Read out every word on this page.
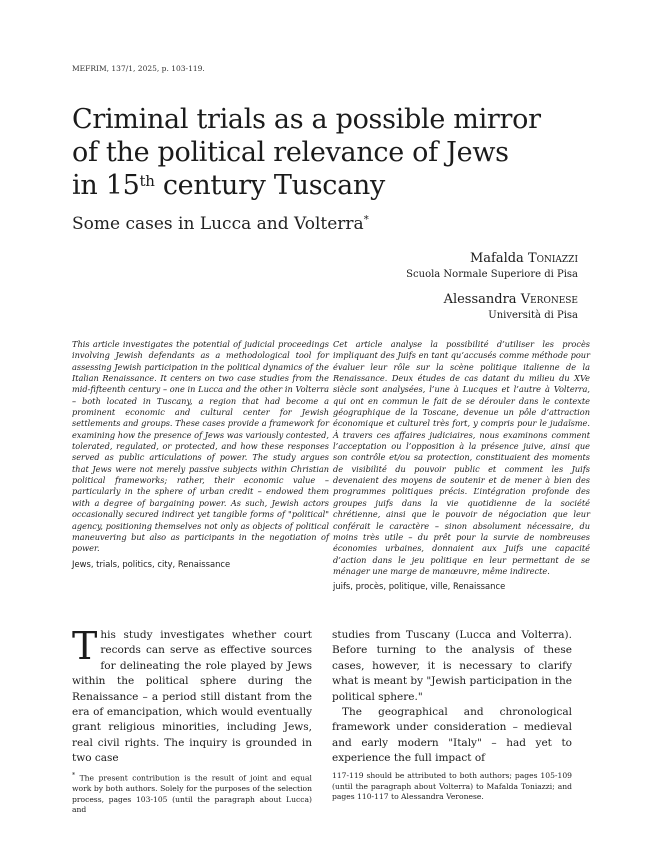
MEFRIM, 137/1, 2025, p. 103-119.
Criminal trials as a possible mirror
of the political relevance of Jews
in 15th century Tuscany
Some cases in Lucca and Volterra*
Mafalda Toniazzi
Scuola Normale Superiore di Pisa
Alessandra Veronese
Università di Pisa
This article investigates the potential of judicial proceedings involving Jewish defendants as a methodological tool for assessing Jewish participation in the political dynamics of the Italian Renaissance. It centers on two case studies from the mid-fifteenth century – one in Lucca and the other in Volterra – both located in Tuscany, a region that had become a prominent economic and cultural center for Jewish settlements and groups. These cases provide a framework for examining how the presence of Jews was variously contested, tolerated, regulated, or protected, and how these responses served as public articulations of power. The study argues that Jews were not merely passive subjects within Christian political frameworks; rather, their economic value – particularly in the sphere of urban credit – endowed them with a degree of bargaining power. As such, Jewish actors occasionally secured indirect yet tangible forms of "political" agency, positioning themselves not only as objects of political maneuvering but also as participants in the negotiation of power.
Jews, trials, politics, city, Renaissance
Cet article analyse la possibilité d’utiliser les procès impliquant des Juifs en tant qu’accusés comme méthode pour évaluer leur rôle sur la scène politique italienne de la Renaissance. Deux études de cas datant du milieu du XVe siècle sont analysées, l’une à Lucques et l’autre à Volterra, qui ont en commun le fait de se dérouler dans le contexte géographique de la Toscane, devenue un pôle d’attraction économique et culturel très fort, y compris pour le judaïsme. À travers ces affaires judiciaires, nous examinons comment l’acceptation ou l’opposition à la présence juive, ainsi que son contrôle et/ou sa protection, constituaient des moments de visibilité du pouvoir public et comment les Juifs devenaient des moyens de soutenir et de mener à bien des programmes politiques précis. L’intégration profonde des groupes juifs dans la vie quotidienne de la société chrétienne, ainsi que le pouvoir de négociation que leur conférait le caractère – sinon absolument nécessaire, du moins très utile – du prêt pour la survie de nombreuses économies urbaines, donnaient aux Juifs une capacité d’action dans le jeu politique en leur permettant de se ménager une marge de manœuvre, même indirecte.
juifs, procès, politique, ville, Renaissance
This study investigates whether court records can serve as effective sources for delineating the role played by Jews within the political sphere during the Renaissance – a period still distant from the era of emancipation, which would eventually grant religious minorities, including Jews, real civil rights. The inquiry is grounded in two case
studies from Tuscany (Lucca and Volterra). Before turning to the analysis of these cases, however, it is necessary to clarify what is meant by "Jewish participation in the political sphere."
The geographical and chronological framework under consideration – medieval and early modern "Italy" – had yet to experience the full impact of
* The present contribution is the result of joint and equal work by both authors. Solely for the purposes of the selection process, pages 103-105 (until the paragraph about Lucca) and
117-119 should be attributed to both authors; pages 105-109 (until the paragraph about Volterra) to Mafalda Toniazzi; and pages 110-117 to Alessandra Veronese.
